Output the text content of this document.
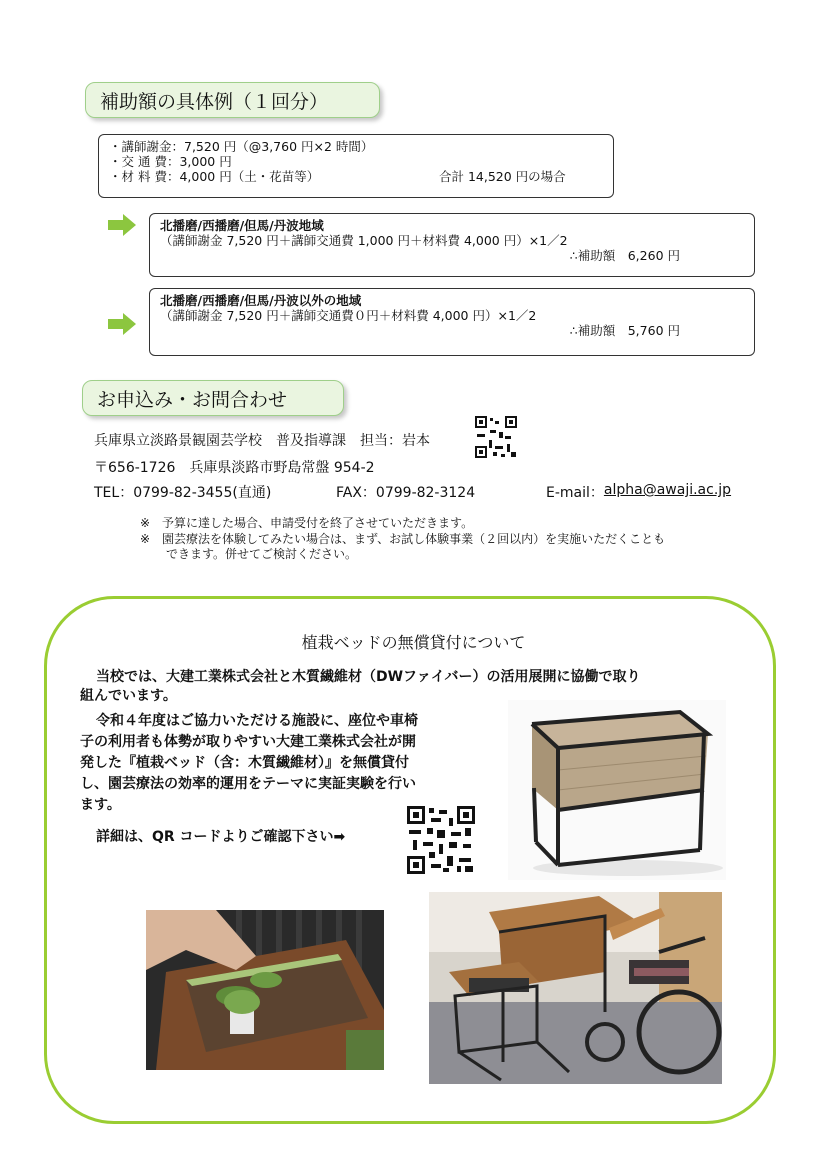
補助額の具体例（１回分）
・講師謝金：7,520 円（@3,760 円×2 時間）
・交 通 費：3,000 円
・材 料 費：4,000 円（土・花苗等）	合計 14,520 円の場合
北播磨/西播磨/但馬/丹波地域
（講師謝金 7,520 円＋講師交通費 1,000 円＋材料費 4,000 円）×1／2
∴補助額　6,260 円
北播磨/西播磨/但馬/丹波以外の地域
（講師謝金 7,520 円＋講師交通費０円＋材料費 4,000 円）×1／2
∴補助額　5,760 円
お申込み・お問合わせ
兵庫県立淡路景観園芸学校　普及指導課　担当：岩本
〒656-1726　兵庫県淡路市野島常盤 954-2
TEL：0799-82-3455(直通)	FAX：0799-82-3124	E-mail： alpha@awaji.ac.jp
※　予算に達した場合、申請受付を終了させていただきます。
※　園芸療法を体験してみたい場合は、まず、お試し体験事業（２回以内）を実施いただくことも
できます。併せてご検討ください。
植栽ベッドの無償貸付について
当校では、大建工業株式会社と木質繊維材（DWファイバー）の活用展開に協働で取り
組んでいます。
令和４年度はご協力いただける施設に、座位や車椅
子の利用者も体勢が取りやすい大建工業株式会社が開
発した『植栽ベッド（含：木質繊維材）』を無償貸付
し、園芸療法の効率的運用をテーマに実証実験を行い
ます。
詳細は、QR コードよりご確認下さい➡
